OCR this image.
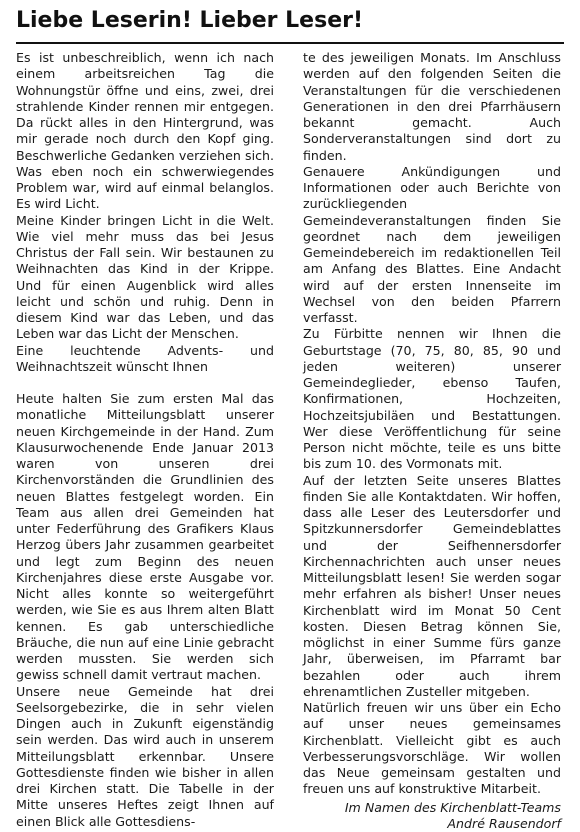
Liebe Leserin! Lieber Leser!

Es ist unbeschreiblich, wenn ich nach einem arbeitsreichen Tag die Wohnungstür öffne und eins, zwei, drei strahlende Kinder rennen mir entgegen. Da rückt alles in den Hintergrund, was mir gerade noch durch den Kopf ging. Beschwerliche Gedanken verziehen sich. Was eben noch ein schwerwiegendes Problem war, wird auf einmal belanglos. Es wird Licht.

Meine Kinder bringen Licht in die Welt. Wie viel mehr muss das bei Jesus Christus der Fall sein. Wir bestaunen zu Weihnachten das Kind in der Krippe. Und für einen Augenblick wird alles leicht und schön und ruhig. Denn in diesem Kind war das Leben, und das Leben war das Licht der Menschen.

Eine leuchtende Advents- und Weihnachtszeit wünscht Ihnen

Heute halten Sie zum ersten Mal das monatliche Mitteilungsblatt unserer neuen Kirchgemeinde in der Hand. Zum Klausurwochenende Ende Januar 2013 waren von unseren drei Kirchenvorständen die Grundlinien des neuen Blattes festgelegt worden. Ein Team aus allen drei Gemeinden hat unter Federführung des Grafikers Klaus Herzog übers Jahr zusammen gearbeitet und legt zum Beginn des neuen Kirchenjahres diese erste Ausgabe vor. Nicht alles konnte so weitergeführt werden, wie Sie es aus Ihrem alten Blatt kennen. Es gab unterschiedliche Bräuche, die nun auf eine Linie gebracht werden mussten. Sie werden sich gewiss schnell damit vertraut machen.

Unsere neue Gemeinde hat drei Seelsorgebezirke, die in sehr vielen Dingen auch in Zukunft eigenständig sein werden. Das wird auch in unserem Mitteilungsblatt erkennbar. Unsere Gottesdienste finden wie bisher in allen drei Kirchen statt. Die Tabelle in der Mitte unseres Heftes zeigt Ihnen auf einen Blick alle Gottesdiens-

te des jeweiligen Monats. Im Anschluss werden auf den folgenden Seiten die Veranstaltungen für die verschiedenen Generationen in den drei Pfarrhäusern bekannt gemacht. Auch Sonderveranstaltungen sind dort zu finden.

Genauere Ankündigungen und Informationen oder auch Berichte von zurückliegenden Gemeindeveranstaltungen finden Sie geordnet nach dem jeweiligen Gemeindebereich im redaktionellen Teil am Anfang des Blattes. Eine Andacht wird auf der ersten Innenseite im Wechsel von den beiden Pfarrern verfasst.

Zu Fürbitte nennen wir Ihnen die Geburtstage (70, 75, 80, 85, 90 und jeden weiteren) unserer Gemeindeglieder, ebenso Taufen, Konfirmationen, Hochzeiten, Hochzeitsjubiläen und Bestattungen. Wer diese Veröffentlichung für seine Person nicht möchte, teile es uns bitte bis zum 10. des Vormonats mit.

Auf der letzten Seite unseres Blattes finden Sie alle Kontaktdaten. Wir hoffen, dass alle Leser des Leutersdorfer und Spitzkunnersdorfer Gemeindeblattes und der Seifhennersdorfer Kirchennachrichten auch unser neues Mitteilungsblatt lesen! Sie werden sogar mehr erfahren als bisher! Unser neues Kirchenblatt wird im Monat 50 Cent kosten. Diesen Betrag können Sie, möglichst in einer Summe fürs ganze Jahr, überweisen, im Pfarramt bar bezahlen oder auch ihrem ehrenamtlichen Zusteller mitgeben.

Natürlich freuen wir uns über ein Echo auf unser neues gemeinsames Kirchenblatt. Vielleicht gibt es auch Verbesserungsvorschläge. Wir wollen das Neue gemeinsam gestalten und freuen uns auf konstruktive Mitarbeit.

Im Namen des Kirchenblatt-Teams
André Rausendorf
